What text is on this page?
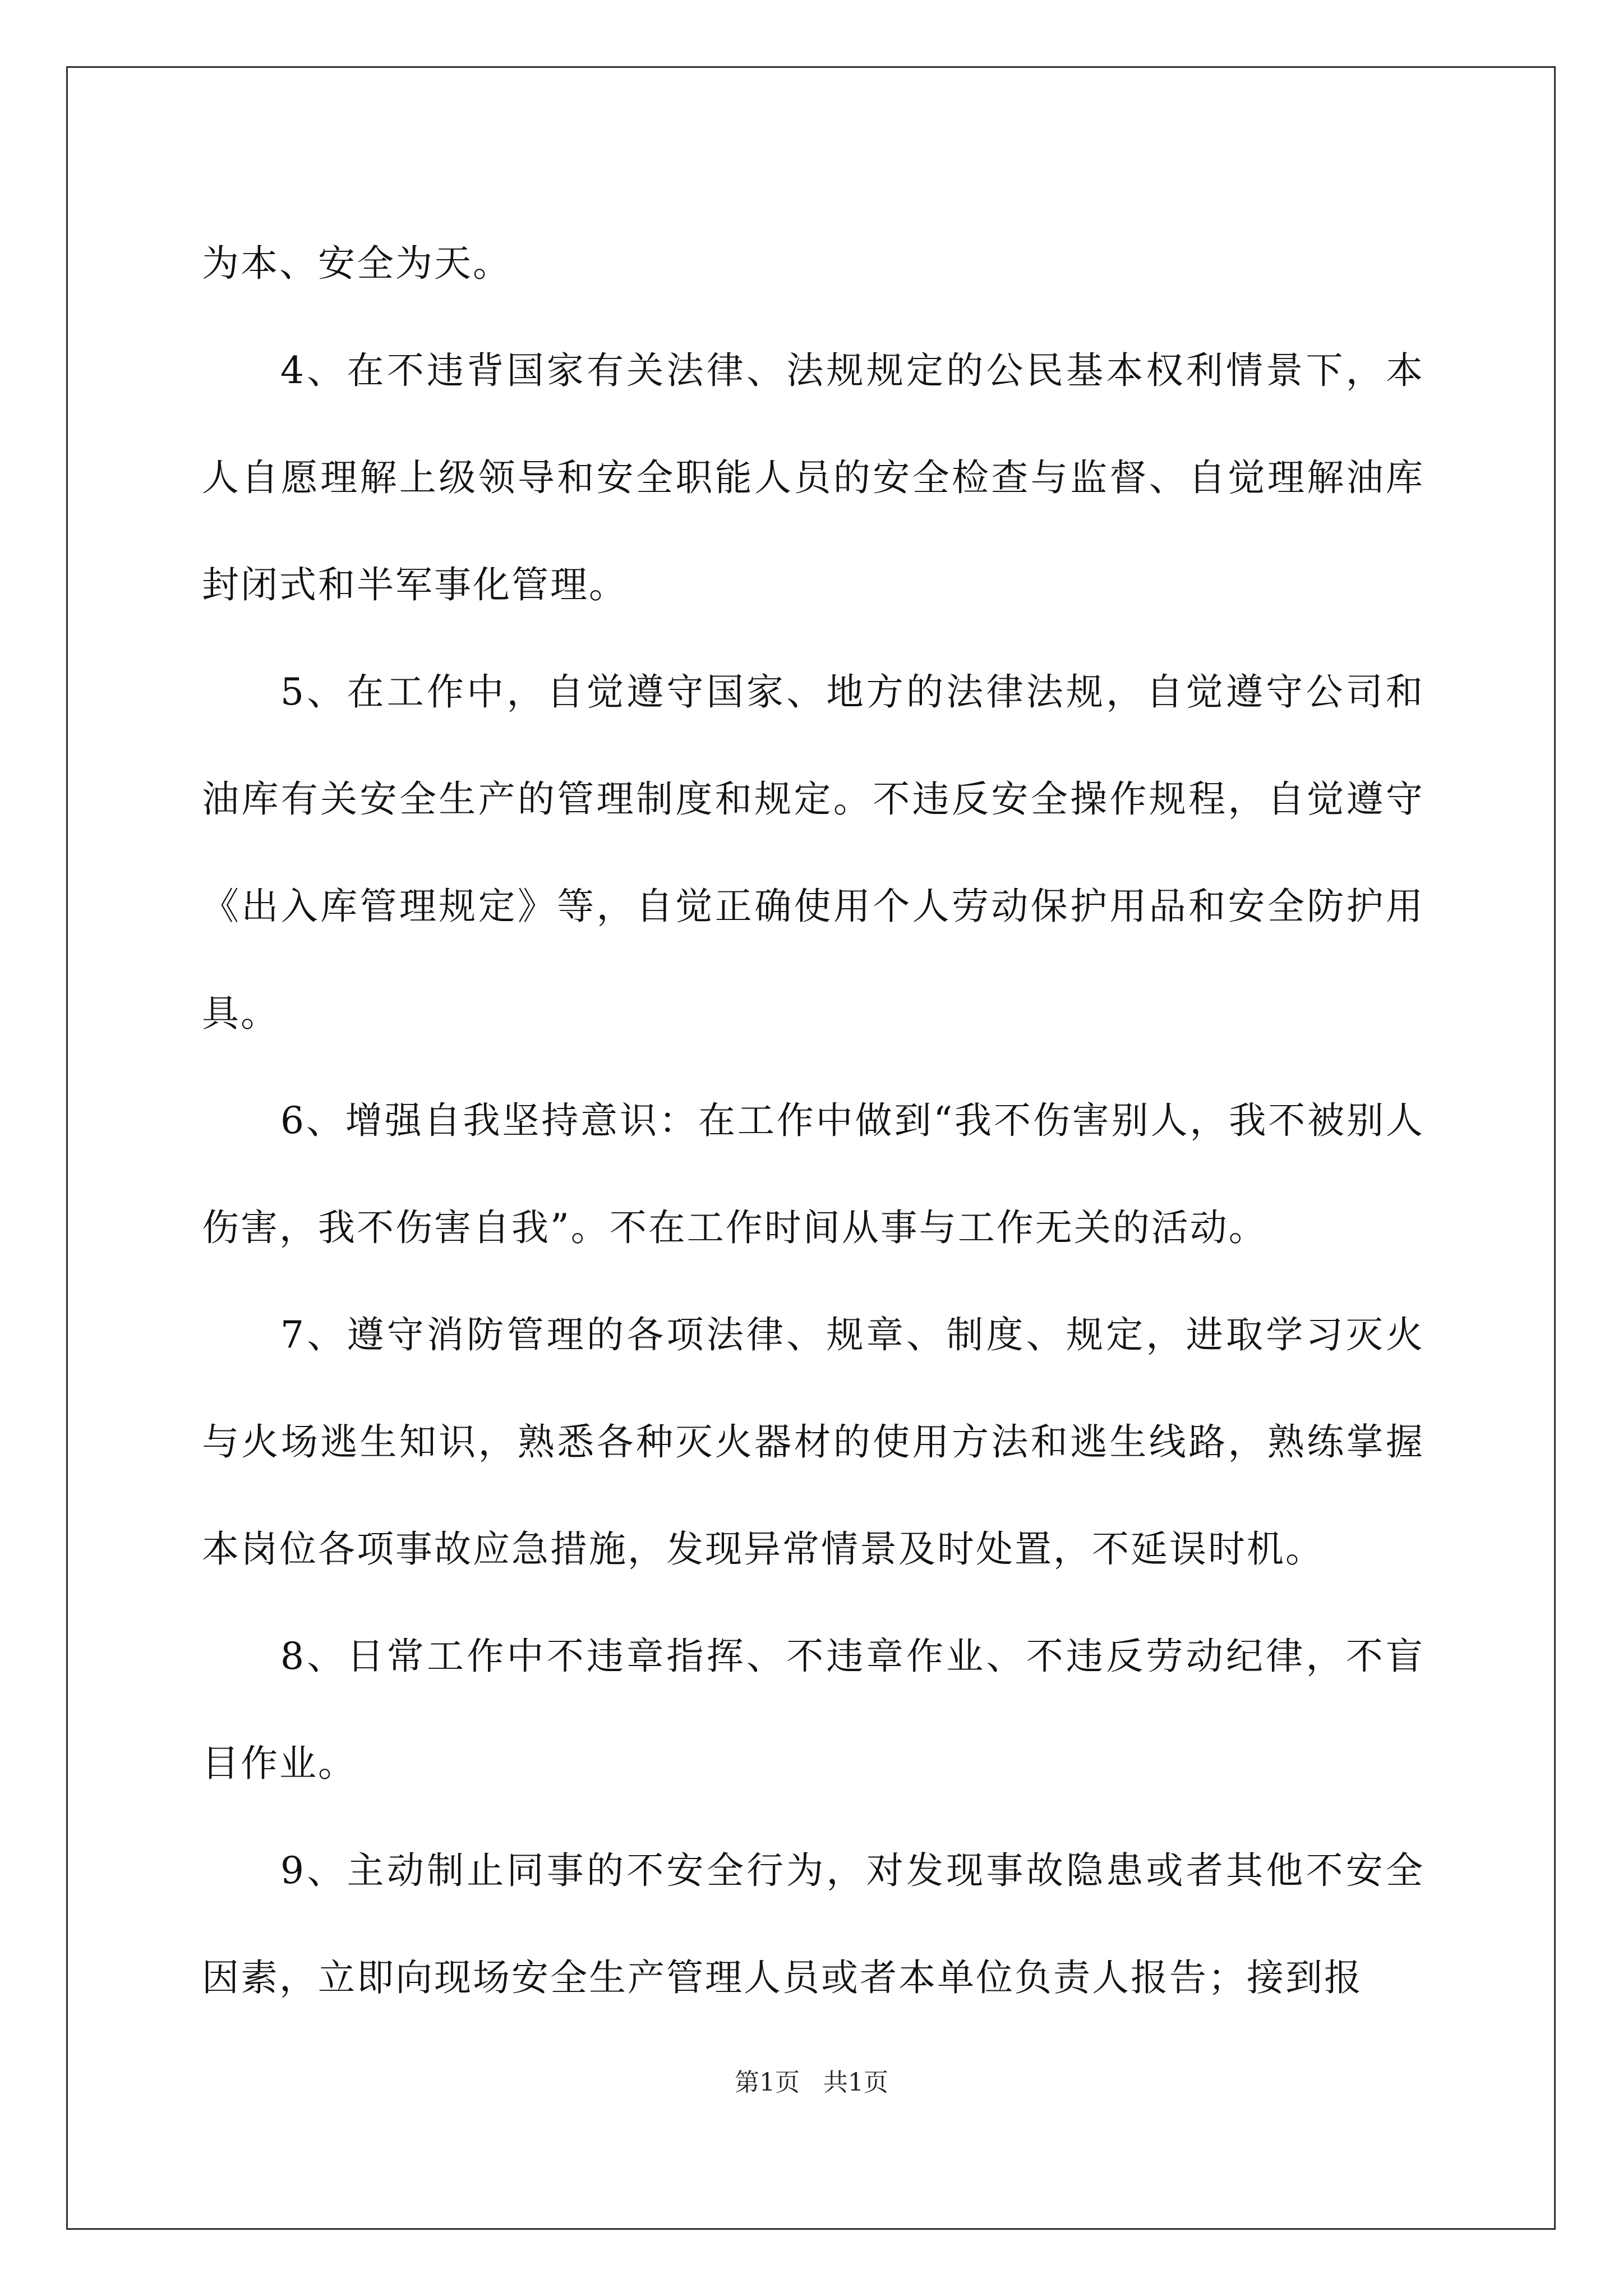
为本、安全为天。

4、在不违背国家有关法律、法规规定的公民基本权利情景下，本人自愿理解上级领导和安全职能人员的安全检查与监督、自觉理解油库封闭式和半军事化管理。

5、在工作中，自觉遵守国家、地方的法律法规，自觉遵守公司和油库有关安全生产的管理制度和规定。不违反安全操作规程，自觉遵守《出入库管理规定》等，自觉正确使用个人劳动保护用品和安全防护用具。

6、增强自我坚持意识：在工作中做到“我不伤害别人，我不被别人伤害，我不伤害自我”。不在工作时间从事与工作无关的活动。

7、遵守消防管理的各项法律、规章、制度、规定，进取学习灭火与火场逃生知识，熟悉各种灭火器材的使用方法和逃生线路，熟练掌握本岗位各项事故应急措施，发现异常情景及时处置，不延误时机。

8、日常工作中不违章指挥、不违章作业、不违反劳动纪律，不盲目作业。

9、主动制止同事的不安全行为，对发现事故隐患或者其他不安全因素，立即向现场安全生产管理人员或者本单位负责人报告；接到报

第1页   共1页
